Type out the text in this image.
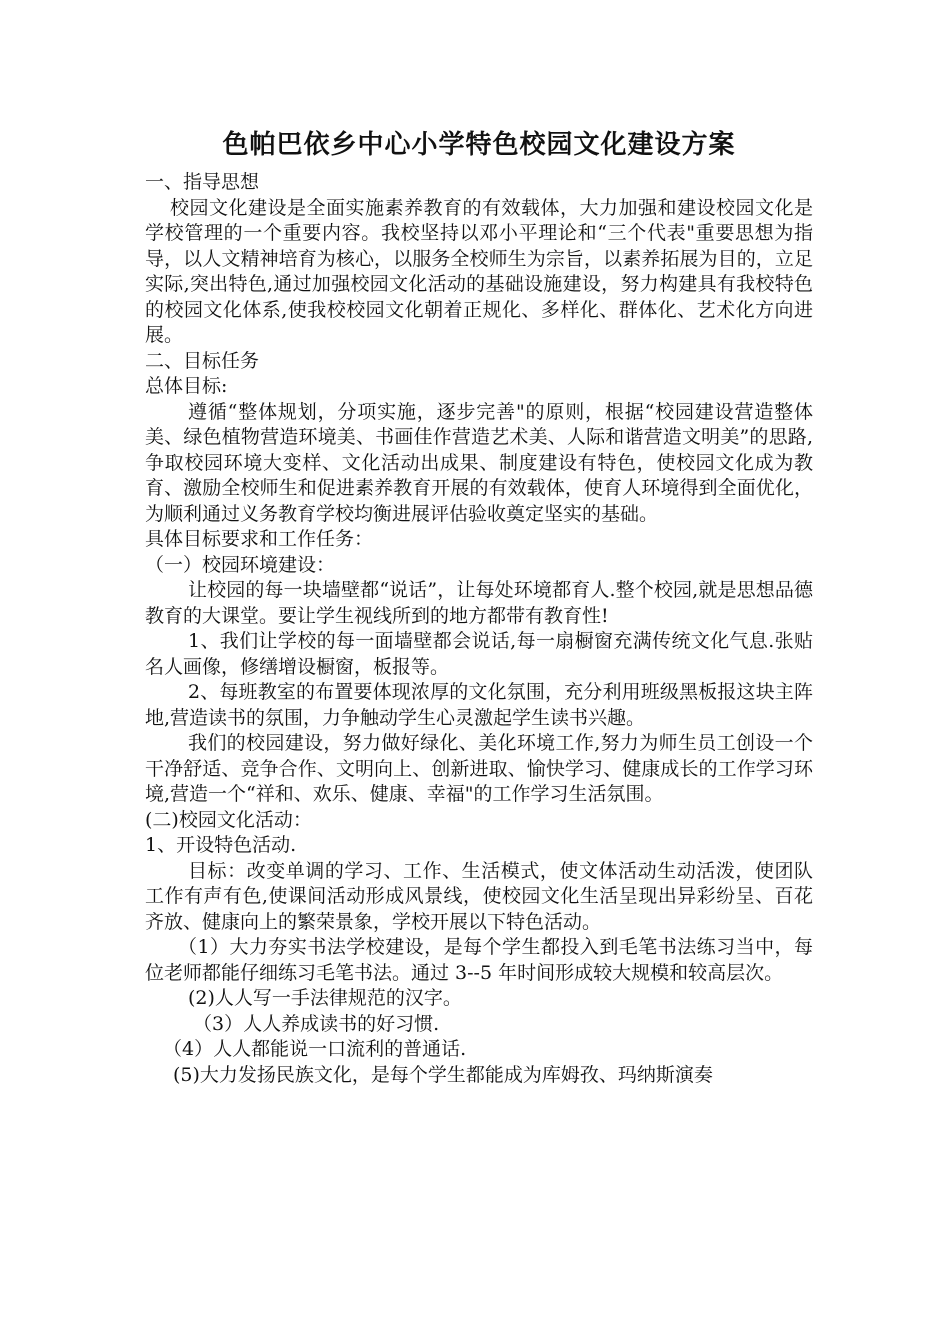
色帕巴依乡中心小学特色校园文化建设方案

一、指导思想

校园文化建设是全面实施素养教育的有效载体，大力加强和建设校园文化是学校管理的一个重要内容。我校坚持以邓小平理论和“三个代表"重要思想为指导，以人文精神培育为核心，以服务全校师生为宗旨，以素养拓展为目的，立足实际,突出特色,通过加强校园文化活动的基础设施建设，努力构建具有我校特色的校园文化体系,使我校校园文化朝着正规化、多样化、群体化、艺术化方向进展。

二、目标任务

总体目标:

遵循“整体规划，分项实施，逐步完善"的原则，根据“校园建设营造整体美、绿色植物营造环境美、书画佳作营造艺术美、人际和谐营造文明美”的思路,争取校园环境大变样、文化活动出成果、制度建设有特色，使校园文化成为教育、激励全校师生和促进素养教育开展的有效载体，使育人环境得到全面优化，为顺利通过义务教育学校均衡进展评估验收奠定坚实的基础。

具体目标要求和工作任务：

（一）校园环境建设：

让校园的每一块墙壁都“说话”，让每处环境都育人.整个校园,就是思想品德教育的大课堂。要让学生视线所到的地方都带有教育性!

1、我们让学校的每一面墙壁都会说话,每一扇橱窗充满传统文化气息.张贴名人画像，修缮增设橱窗，板报等。

2、每班教室的布置要体现浓厚的文化氛围，充分利用班级黑板报这块主阵地,营造读书的氛围，力争触动学生心灵激起学生读书兴趣。

我们的校园建设，努力做好绿化、美化环境工作,努力为师生员工创设一个干净舒适、竞争合作、文明向上、创新进取、愉快学习、健康成长的工作学习环境,营造一个“祥和、欢乐、健康、幸福"的工作学习生活氛围。

(二)校园文化活动：

1、开设特色活动.

目标：改变单调的学习、工作、生活模式，使文体活动生动活泼，使团队工作有声有色,使课间活动形成风景线，使校园文化生活呈现出异彩纷呈、百花齐放、健康向上的繁荣景象，学校开展以下特色活动。

（1）大力夯实书法学校建设，是每个学生都投入到毛笔书法练习当中，每位老师都能仔细练习毛笔书法。通过 3--5 年时间形成较大规模和较高层次。

(2)人人写一手法律规范的汉字。

（3）人人养成读书的好习惯.

（4）人人都能说一口流利的普通话.

(5)大力发扬民族文化，是每个学生都能成为库姆孜、玛纳斯演奏
